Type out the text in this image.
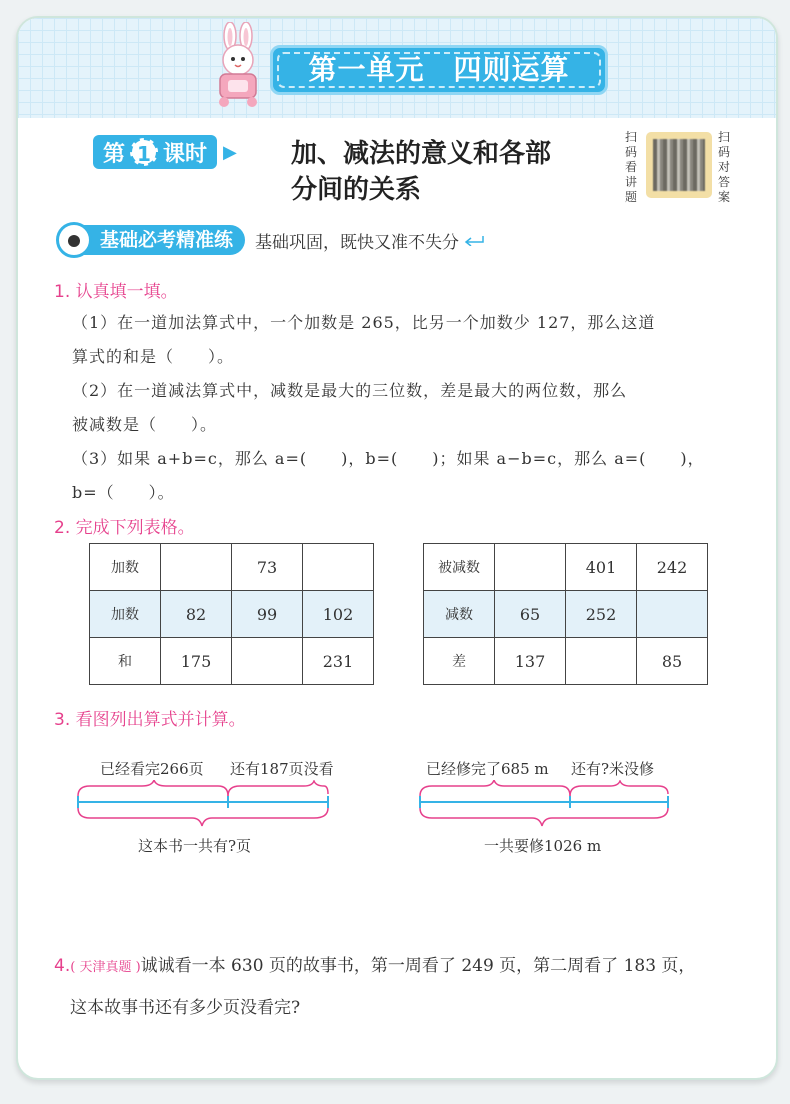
第一单元　四则运算
第 1 课时 ▶ 加、减法的意义和各部
分间的关系
扫码看讲题
扫码对答案
基础必考精准练	基础巩固，既快又准不失分
1. 认真填一填。
（1）在一道加法算式中，一个加数是 265，比另一个加数少 127，那么这道
算式的和是（　　）。
（2）在一道减法算式中，减数是最大的三位数，差是最大的两位数，那么
被减数是（　　）。
（3）如果 a+b=c，那么 a=(　　)，b=(　　)；如果 a−b=c，那么 a=(　　)，
b=（　　）。
2. 完成下列表格。
加数		73	
加数	82	99	102
和	175		231
被减数		401	242
减数	65	252	
差	137		85
3. 看图列出算式并计算。
已经看完266页 还有187页没看
这本书一共有?页
已经修完了685 m 还有?米没修
一共要修1026 m
4.( 天津真题 )诚诚看一本 630 页的故事书，第一周看了 249 页，第二周看了 183 页，
这本故事书还有多少页没看完?
